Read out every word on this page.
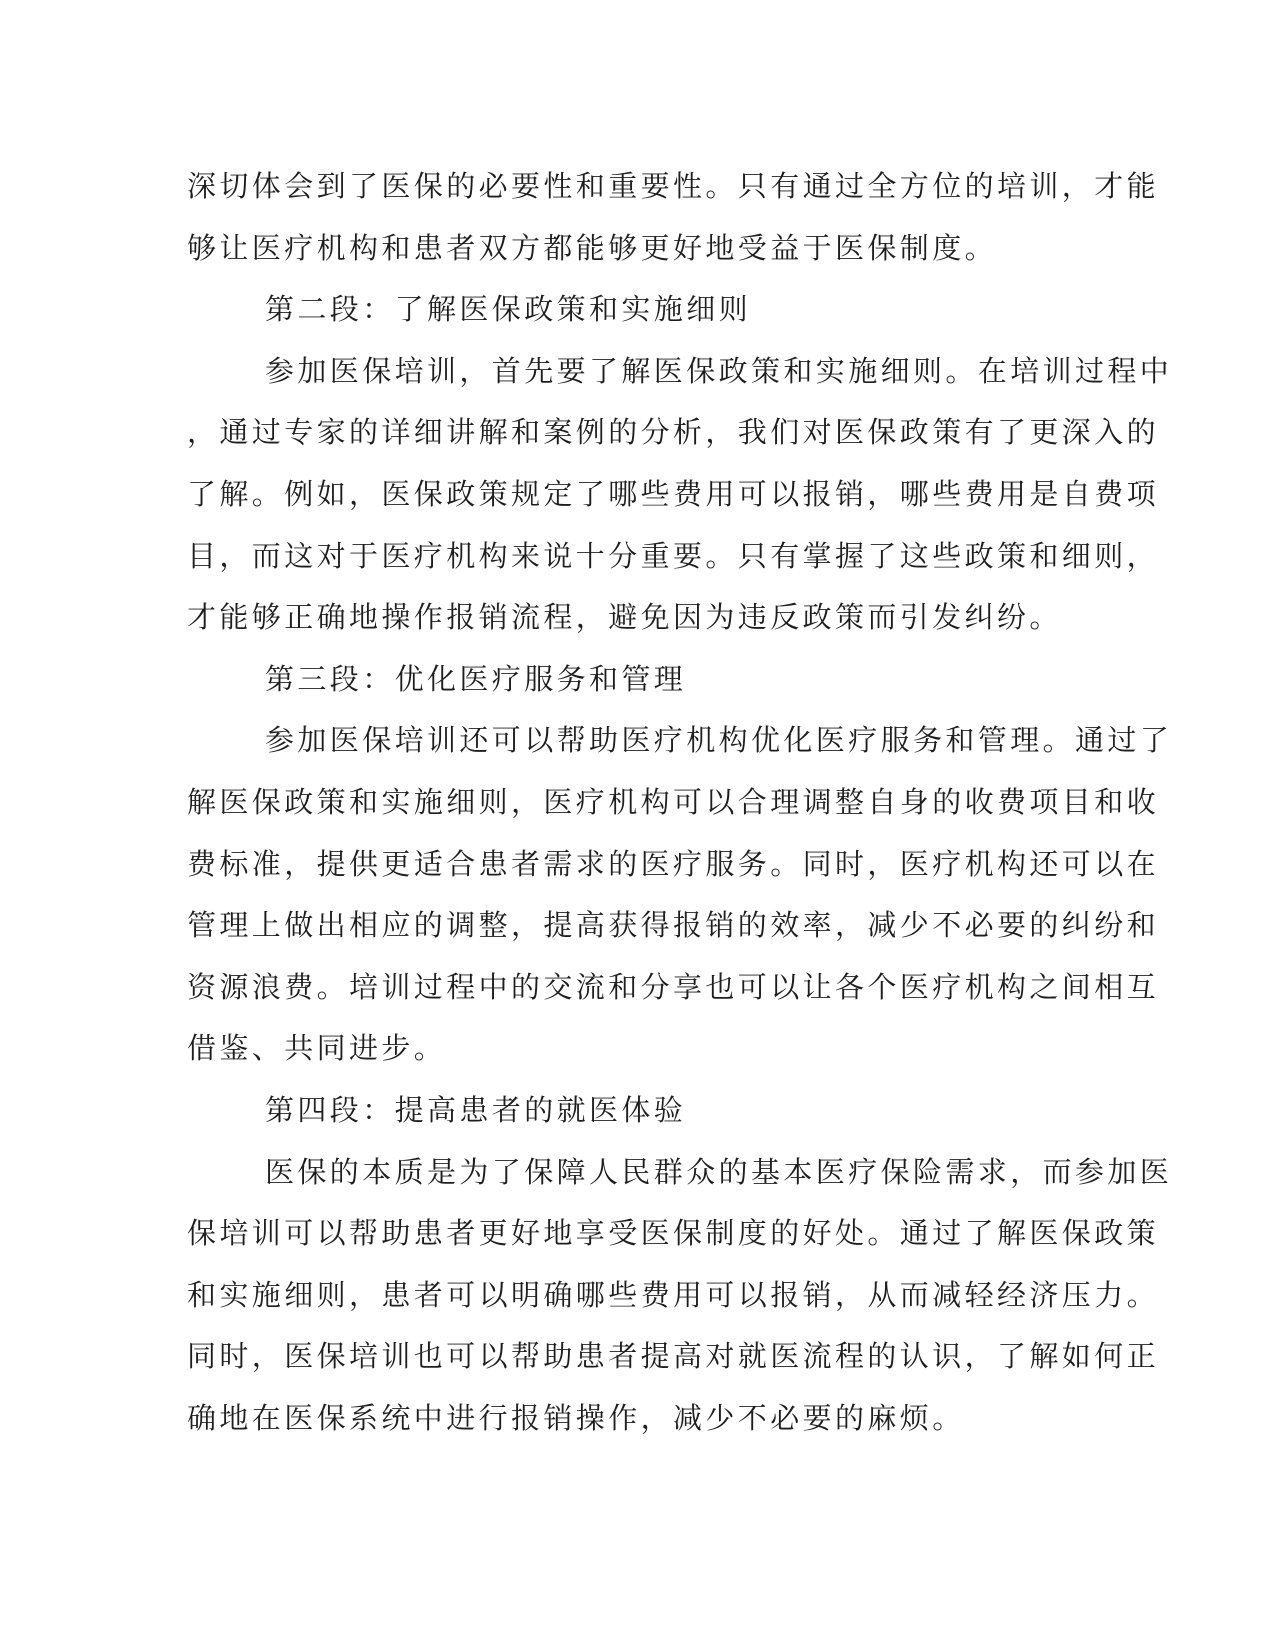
深切体会到了医保的必要性和重要性。只有通过全方位的培训，才能
够让医疗机构和患者双方都能够更好地受益于医保制度。

第二段：了解医保政策和实施细则

参加医保培训，首先要了解医保政策和实施细则。在培训过程中
，通过专家的详细讲解和案例的分析，我们对医保政策有了更深入的
了解。例如，医保政策规定了哪些费用可以报销，哪些费用是自费项
目，而这对于医疗机构来说十分重要。只有掌握了这些政策和细则，
才能够正确地操作报销流程，避免因为违反政策而引发纠纷。

第三段：优化医疗服务和管理

参加医保培训还可以帮助医疗机构优化医疗服务和管理。通过了
解医保政策和实施细则，医疗机构可以合理调整自身的收费项目和收
费标准，提供更适合患者需求的医疗服务。同时，医疗机构还可以在
管理上做出相应的调整，提高获得报销的效率，减少不必要的纠纷和
资源浪费。培训过程中的交流和分享也可以让各个医疗机构之间相互
借鉴、共同进步。

第四段：提高患者的就医体验

医保的本质是为了保障人民群众的基本医疗保险需求，而参加医
保培训可以帮助患者更好地享受医保制度的好处。通过了解医保政策
和实施细则，患者可以明确哪些费用可以报销，从而减轻经济压力。
同时，医保培训也可以帮助患者提高对就医流程的认识，了解如何正
确地在医保系统中进行报销操作，减少不必要的麻烦。
